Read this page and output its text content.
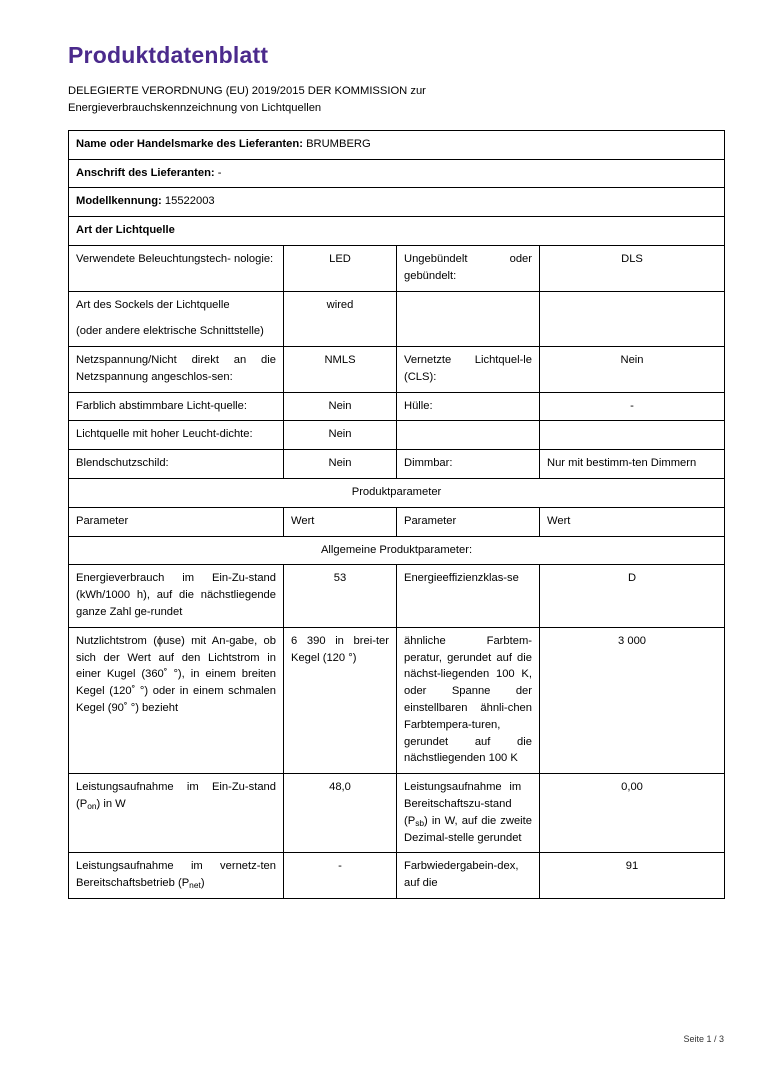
Produktdatenblatt
DELEGIERTE VERORDNUNG (EU) 2019/2015 DER KOMMISSION zur
Energieverbrauchskennzeichnung von Lichtquellen
Name oder Handelsmarke des Lieferanten: BRUMBERG			
Anschrift des Lieferanten: -			
Modellkennung: 15522003			
Art der Lichtquelle			
Verwendete Beleuchtungstech- nologie:	LED	Ungebündelt oder gebündelt:	DLS

Art des Sockels der Lichtquelle
(oder andere elektrische Schnittstelle)	wired		
Netzspannung/Nicht direkt an die Netzspannung angeschlos-sen:	NMLS	Vernetzte Lichtquel-le (CLS):	Nein
Farblich abstimmbare Licht-quelle:	Nein	Hülle:	-
Lichtquelle mit hoher Leucht-dichte:	Nein		
Blendschutzschild:	Nein	Dimmbar:	Nur mit bestimm-ten Dimmern
Produktparameter			
Parameter	Wert	Parameter	Wert
Allgemeine Produktparameter:			
Energieverbrauch im Ein-Zu-stand (kWh/1000 h), auf die nächstliegende ganze Zahl ge-rundet	53	Energieeffizienzklas-se	D
Nutzlichtstrom (ɸuse) mit An-gabe, ob sich der Wert auf den Lichtstrom in einer Kugel (360˚ °), in einem breiten Kegel (120˚ °) oder in einem schmalen Kegel (90˚ °) bezieht	6 390 in brei-ter Kegel (120 °)	ähnliche Farbtem-peratur, gerundet auf die nächst-liegenden 100 K, oder Spanne der einstellbaren ähnli-chen Farbtempera-turen, gerundet auf die nächstliegenden 100 K	3 000
Leistungsaufnahme im Ein-Zu-stand $(P_{on})$ in W	48,0	Leistungsaufnahme im   Bereitschaftszu-stand $(P_{sb})$ in W, auf die zweite Dezimal-stelle gerundet	0,00
Leistungsaufnahme im vernetz-ten Bereitschaftsbetrieb $(P_{net})$	-	Farbwiedergabein-dex, auf die	91
Seite 1 / 3
